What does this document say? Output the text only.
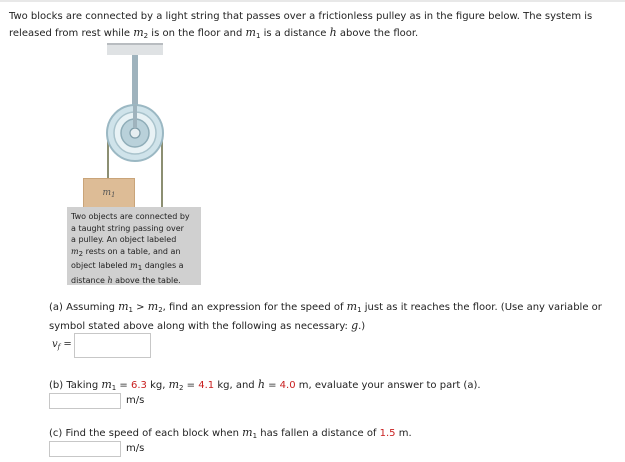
Two blocks are connected by a light string that passes over a frictionless pulley as in the figure below. The system is
released from rest while $m_2$ is on the floor and $m_1$ is a distance h above the floor.

$m_1$
Two objects are connected by
a taught string passing over
a pulley. An object labeled
$m_2$ rests on a table, and an
object labeled $m_1$ dangles a
distance h above the table.

(a) Assuming $m_1 > m_2$, find an expression for the speed of $m_1$ just as it reaches the floor. (Use any variable or
symbol stated above along with the following as necessary: g.)

$v_f$ =

(b) Taking $m_1 = 6.3$ kg, $m_2 = 4.1$ kg, and h = 4.0 m, evaluate your answer to part (a).

m/s

(c) Find the speed of each block when $m_1$ has fallen a distance of 1.5 m.

m/s
